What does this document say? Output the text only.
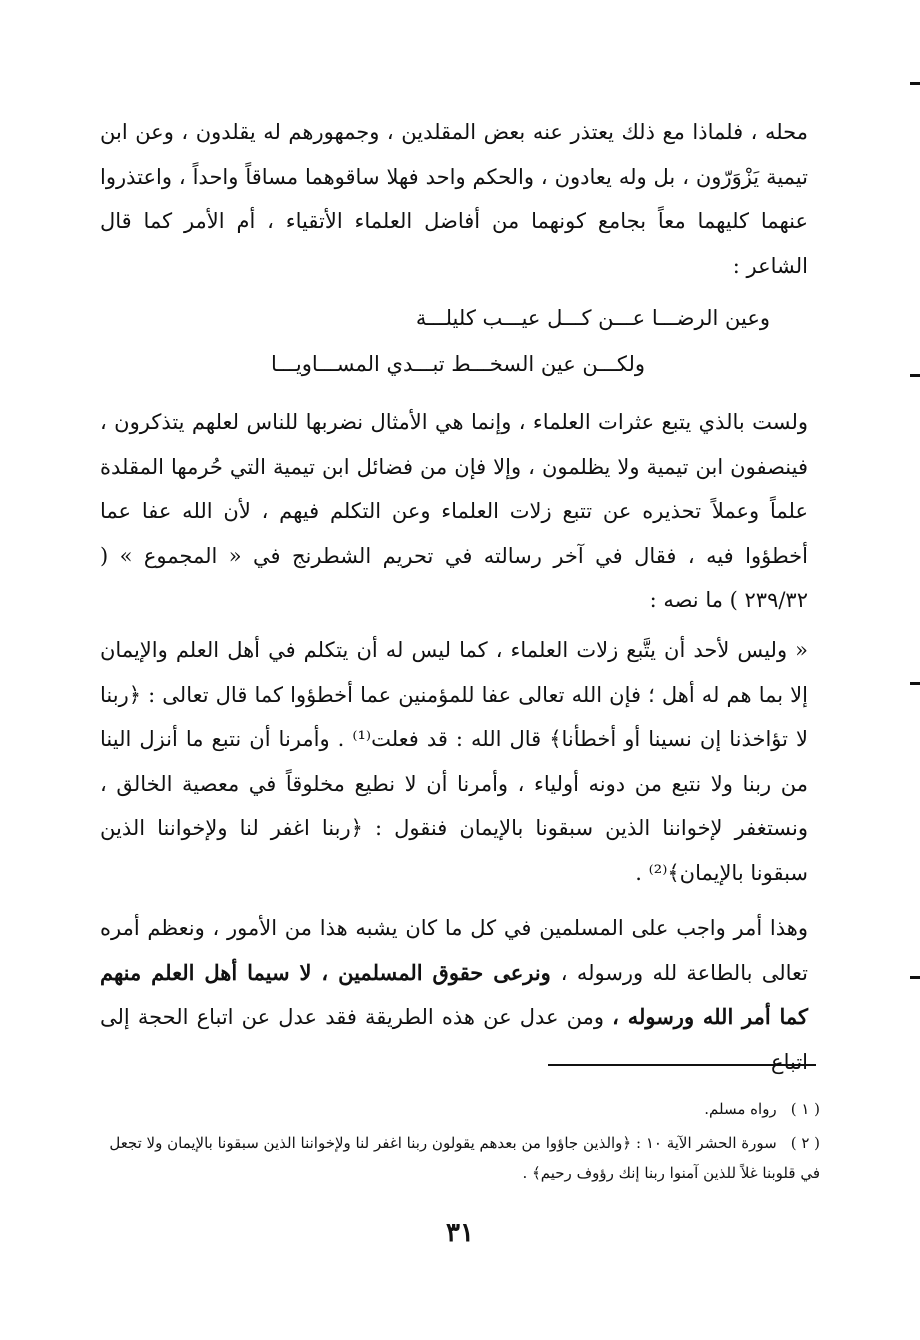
محله ، فلماذا مع ذلك يعتذر عنه بعض المقلدين ، وجمهورهم له يقلدون ، وعن ابن تيمية يَزْوَرّون ، بل وله يعادون ، والحكم واحد فهلا ساقوهما مساقاً واحداً ، واعتذروا عنهما كليهما معاً بجامع كونهما من أفاضل العلماء الأتقياء ، أم الأمر كما قال الشاعر :
وعين الرضـــا عـــن كـــل عيـــب كليلـــة
ولكـــن عين السخـــط تبـــدي المســـاويـــا
ولست بالذي يتبع عثرات العلماء ، وإنما هي الأمثال نضربها للناس لعلهم يتذكرون ، فينصفون ابن تيمية ولا يظلمون ، وإلا فإن من فضائل ابن تيمية التي حُرمها المقلدة علماً وعملاً تحذيره عن تتبع زلات العلماء وعن التكلم فيهم ، لأن الله عفا عما أخطؤوا فيه ، فقال في آخر رسالته في تحريم الشطرنج في « المجموع » ( ٢٣٩/٣٢ ) ما نصه :
« وليس لأحد أن يتَّبع زلات العلماء ، كما ليس له أن يتكلم في أهل العلم والإيمان إلا بما هم له أهل ؛ فإن الله تعالى عفا للمؤمنين عما أخطؤوا كما قال تعالى : ﴿ربنا لا تؤاخذنا إن نسينا أو أخطأنا﴾ قال الله : قد فعلت⁽¹⁾ . وأمرنا أن نتبع ما أنزل الينا من ربنا ولا نتبع من دونه أولياء ، وأمرنا أن لا نطيع مخلوقاً في معصية الخالق ، ونستغفر لإخواننا الذين سبقونا بالإيمان فنقول : ﴿ربنا اغفر لنا ولإخواننا الذين سبقونا بالإيمان﴾⁽²⁾ .
وهذا أمر واجب على المسلمين في كل ما كان يشبه هذا من الأمور ، ونعظم أمره تعالى بالطاعة لله ورسوله ، ونرعى حقوق المسلمين ، لا سيما أهل العلم منهم كما أمر الله ورسوله ، ومن عدل عن هذه الطريقة فقد عدل عن اتباع الحجة إلى اتباع
( ١ )رواه مسلم.
( ٢ )سورة الحشر الآية ١٠ : ﴿والذين جاؤوا من بعدهم يقولون ربنا اغفر لنا ولإخواننا الذين سبقونا بالإيمان ولا تجعل في قلوبنا غلاً للذين آمنوا ربنا إنك رؤوف رحيم﴾ .
٣١
